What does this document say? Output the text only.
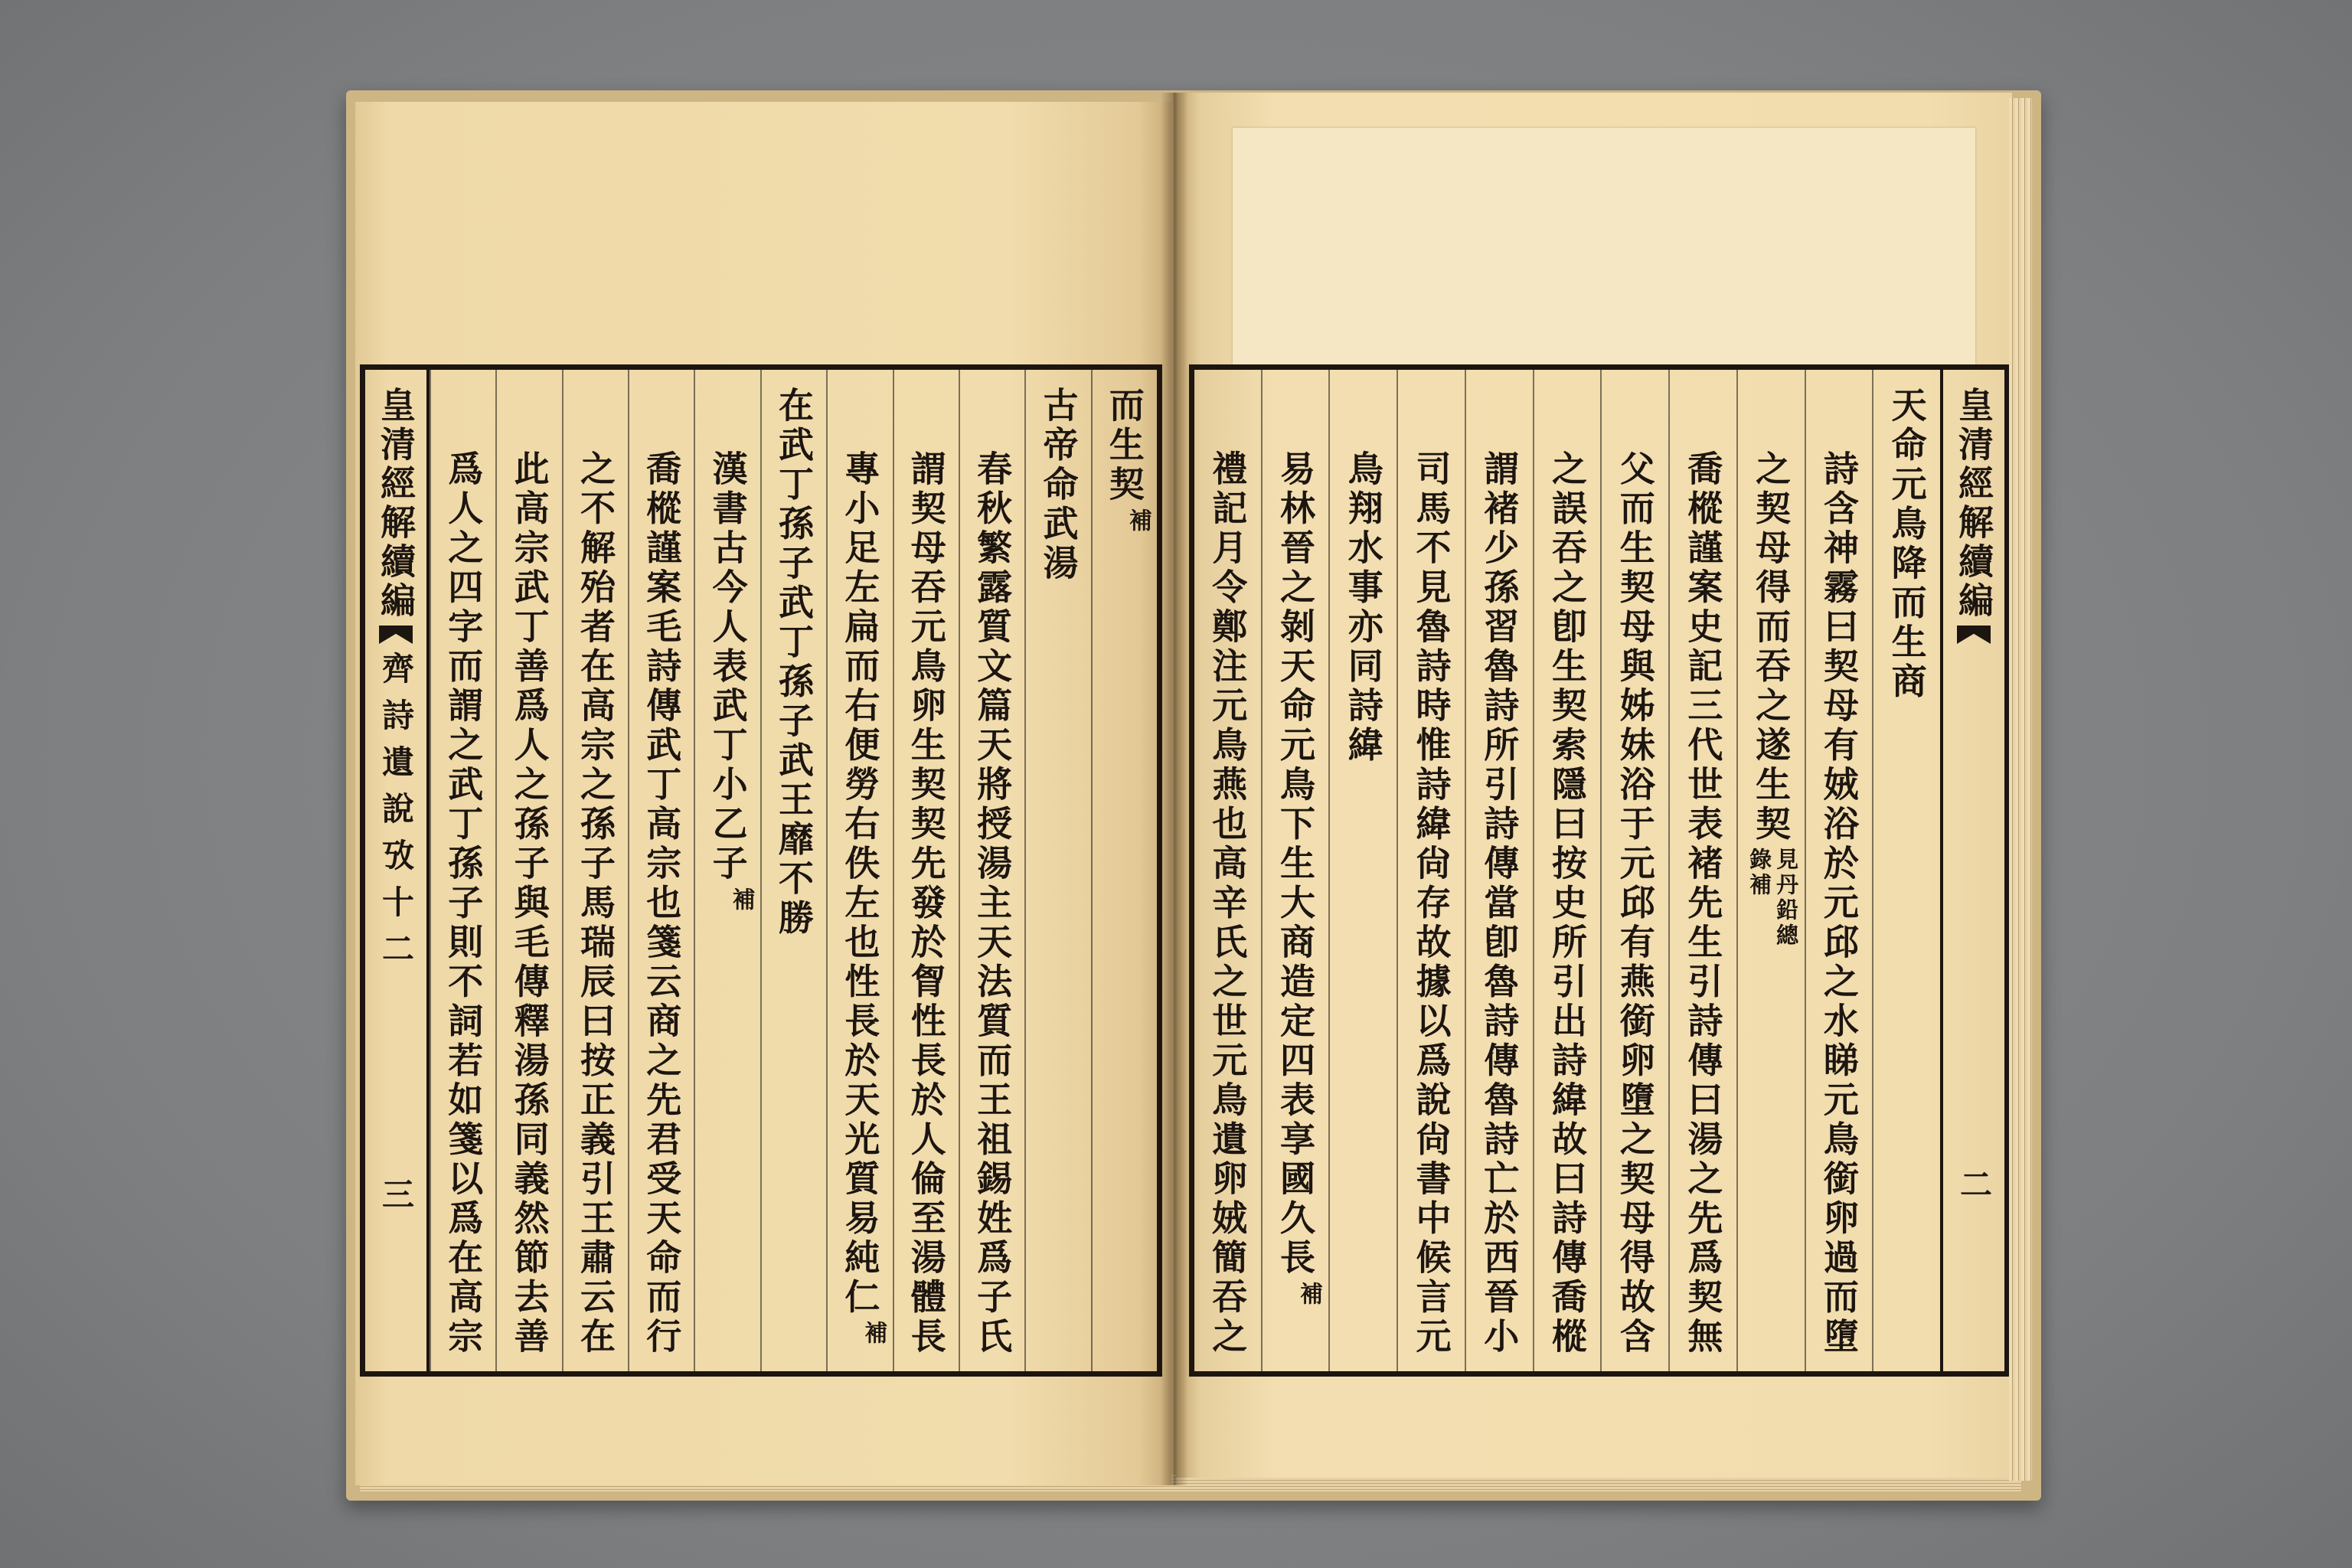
而生契
補
古帝命武湯
春秋繁露質文篇天將授湯主天法質而王祖錫姓爲子氏
謂契母吞元鳥卵生契契先發於胷性長於人倫至湯體長
專小足左扁而右便勞右佚左也性長於天光質易純仁
補
在武丁孫子武丁孫子武王靡不勝
漢書古今人表武丁小乙子
補
喬樅謹案毛詩傳武丁高宗也箋云商之先君受天命而行
之不解殆者在高宗之孫子馬瑞辰曰按正義引王肅云在
此高宗武丁善爲人之孫子與毛傳釋湯孫同義然節去善
爲人之四字而謂之武丁孫子則不詞若如箋以爲在高宗
皇清經解續編
齊詩遺說攷十二
三
皇清經解續編
二
天命元鳥降而生商
詩含神霧曰契母有娀浴於元邱之水睇元鳥銜卵過而墮
之契母得而吞之遂生契
見丹鉛總
錄補
喬樅謹案史記三代世表褚先生引詩傳曰湯之先爲契無
父而生契母與姊妹浴于元邱有燕銜卵墮之契母得故含
之誤吞之卽生契索隱曰按史所引出詩緯故曰詩傳喬樅
謂褚少孫習魯詩所引詩傳當卽魯詩傳魯詩亡於西晉小
司馬不見魯詩時惟詩緯尙存故據以爲說尙書中候言元
鳥翔水事亦同詩緯
易林晉之剝天命元鳥下生大商造定四表享國久長
補
禮記月令鄭注元鳥燕也高辛氏之世元鳥遺卵娀簡吞之
